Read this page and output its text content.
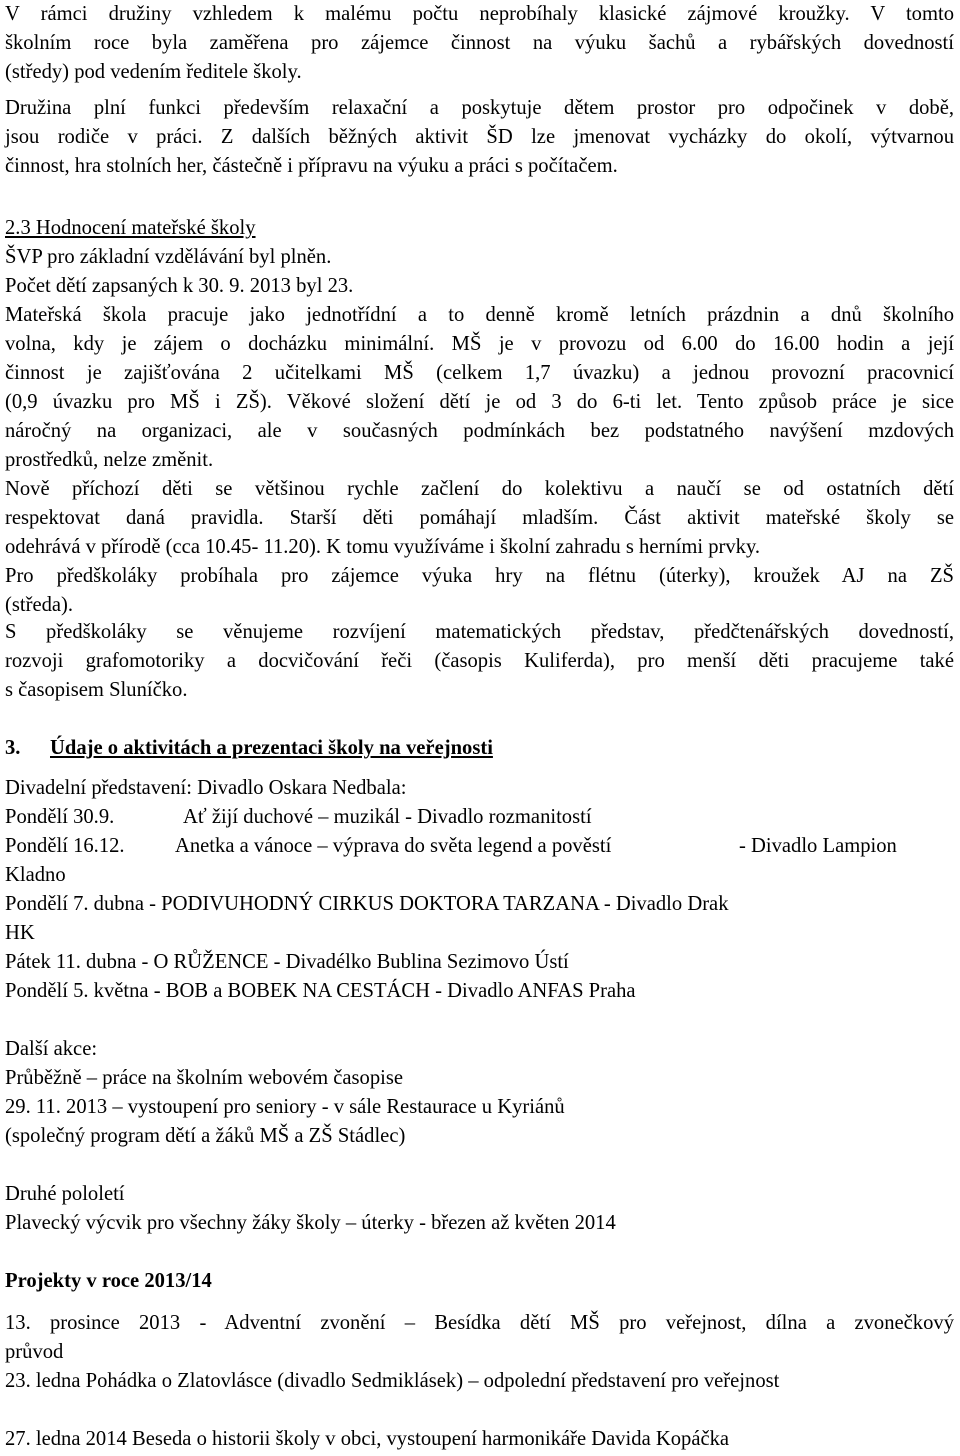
V rámci družiny vzhledem k malému počtu neprobíhaly klasické zájmové kroužky. V tomto

školním roce byla zaměřena pro zájemce činnost na výuku šachů a rybářských dovedností

(středy) pod vedením ředitele školy.

Družina plní funkci především relaxační a poskytuje dětem prostor pro odpočinek v době,

jsou rodiče v práci. Z dalších běžných aktivit ŠD lze jmenovat vycházky do okolí, výtvarnou

činnost, hra stolních her, částečně i přípravu na výuku a práci s počítačem.

2.3 Hodnocení mateřské školy

ŠVP pro základní vzdělávání byl plněn.

Počet dětí zapsaných k 30. 9. 2013 byl 23.

Mateřská škola pracuje jako jednotřídní a to denně kromě letních prázdnin a dnů školního

volna, kdy je zájem o docházku minimální. MŠ je v provozu od 6.00 do 16.00 hodin a její

činnost je zajišťována 2 učitelkami MŠ (celkem 1,7 úvazku) a jednou provozní pracovnicí

(0,9 úvazku pro MŠ i ZŠ). Věkové složení dětí je od 3 do 6-ti let. Tento způsob práce je sice

náročný na organizaci, ale v současných podmínkách bez podstatného navýšení mzdových

prostředků, nelze změnit.

Nově příchozí děti se většinou rychle začlení do kolektivu a naučí se od ostatních dětí

respektovat daná pravidla. Starší děti pomáhají mladším. Část aktivit mateřské školy se

odehrává v přírodě (cca 10.45- 11.20). K tomu využíváme i školní zahradu s herními prvky.

Pro předškoláky probíhala pro zájemce výuka hry na flétnu (úterky), kroužek AJ na ZŠ

(středa).

S předškoláky se věnujeme rozvíjení matematických představ, předčtenářských dovedností,

rozvoji grafomotoriky a docvičování řeči (časopis Kuliferda), pro menší děti pracujeme také

s časopisem Sluníčko.

3. Údaje o aktivitách a prezentaci školy na veřejnosti

Divadelní představení: Divadlo Oskara Nedbala:

Pondělí 30.9.	Ať žijí duchové – muzikál - Divadlo rozmanitostí

Pondělí 16.12. Anetka a vánoce – výprava do světa legend a pověstí	- Divadlo Lampion

Kladno

Pondělí 7. dubna - PODIVUHODNÝ CIRKUS DOKTORA TARZANA - Divadlo Drak

HK

Pátek 11. dubna - O RŮŽENCE - Divadélko Bublina Sezimovo Ústí

Pondělí 5. května - BOB a BOBEK NA CESTÁCH - Divadlo ANFAS Praha

Další akce:

Průběžně – práce na školním webovém časopise

29. 11. 2013 – vystoupení pro seniory - v sále Restaurace u Kyriánů

(společný program dětí a žáků MŠ a ZŠ Stádlec)

Druhé pololetí

Plavecký výcvik pro všechny žáky školy – úterky - březen až květen 2014

Projekty v roce 2013/14

13. prosince 2013 - Adventní zvonění – Besídka dětí MŠ pro veřejnost, dílna a zvonečkový

průvod

23. ledna Pohádka o Zlatovlásce (divadlo Sedmiklásek) – odpolední představení pro veřejnost

27. ledna 2014 Beseda o historii školy v obci, vystoupení harmonikáře Davida Kopáčka
